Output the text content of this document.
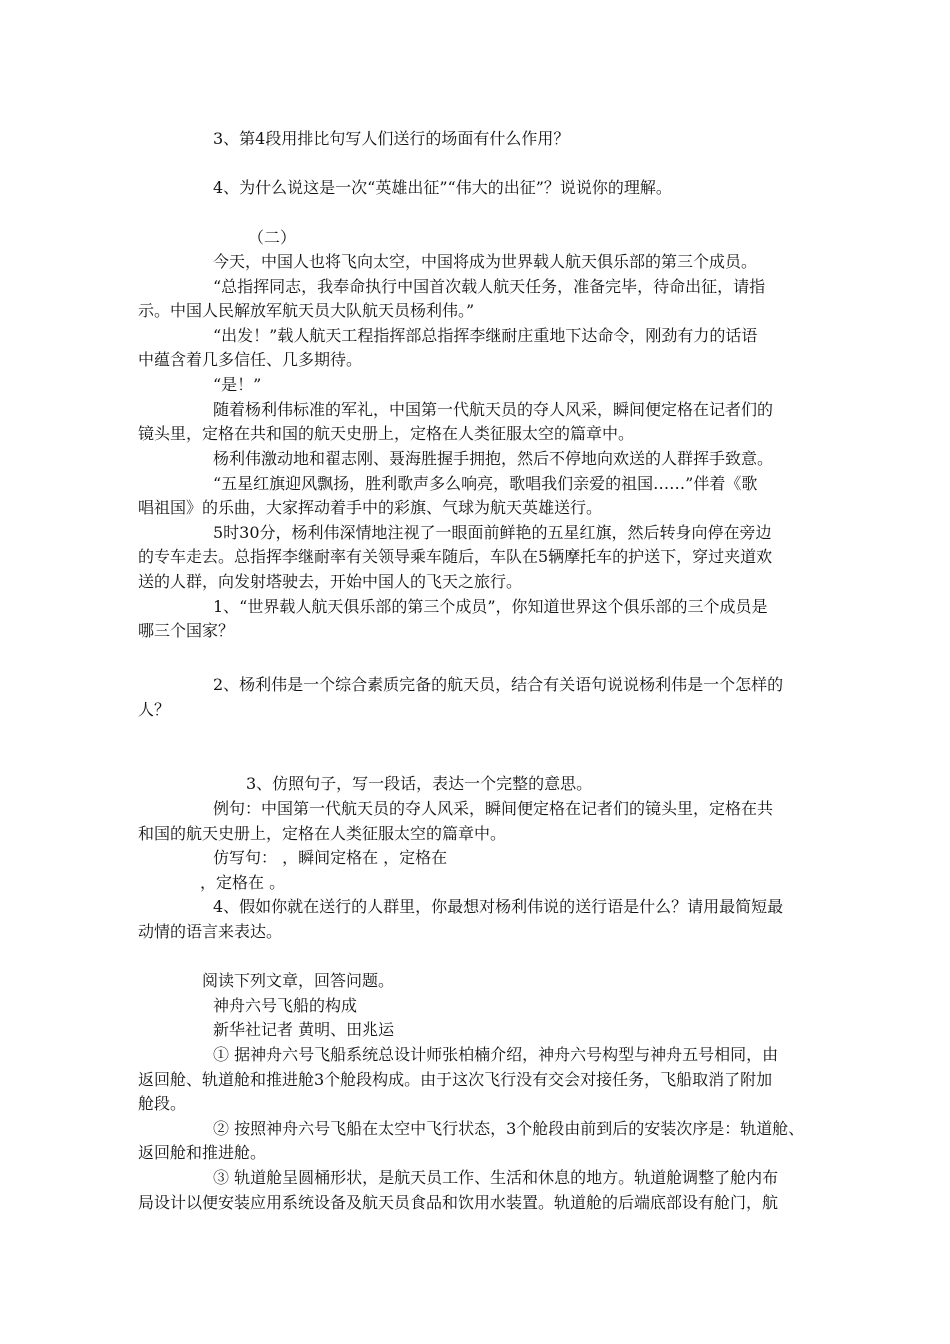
3、第4段用排比句写人们送行的场面有什么作用？
4、为什么说这是一次“英雄出征”“伟大的出征”？说说你的理解。
（二）
今天，中国人也将飞向太空，中国将成为世界载人航天俱乐部的第三个成员。
“总指挥同志，我奉命执行中国首次载人航天任务，准备完毕，待命出征，请指
示。中国人民解放军航天员大队航天员杨利伟。”
“出发！”载人航天工程指挥部总指挥李继耐庄重地下达命令，刚劲有力的话语
中蕴含着几多信任、几多期待。
“是！”
随着杨利伟标准的军礼，中国第一代航天员的夺人风采，瞬间便定格在记者们的
镜头里，定格在共和国的航天史册上，定格在人类征服太空的篇章中。
杨利伟激动地和翟志刚、聂海胜握手拥抱，然后不停地向欢送的人群挥手致意。
“五星红旗迎风飘扬，胜利歌声多么响亮，歌唱我们亲爱的祖国……”伴着《歌
唱祖国》的乐曲，大家挥动着手中的彩旗、气球为航天英雄送行。
5时30分，杨利伟深情地注视了一眼面前鲜艳的五星红旗，然后转身向停在旁边
的专车走去。总指挥李继耐率有关领导乘车随后，车队在5辆摩托车的护送下，穿过夹道欢
送的人群，向发射塔驶去，开始中国人的飞天之旅行。
1、“世界载人航天俱乐部的第三个成员”，你知道世界这个俱乐部的三个成员是
哪三个国家？
2、杨利伟是一个综合素质完备的航天员，结合有关语句说说杨利伟是一个怎样的
人？
3、仿照句子，写一段话，表达一个完整的意思。
例句：中国第一代航天员的夺人风采，瞬间便定格在记者们的镜头里，定格在共
和国的航天史册上，定格在人类征服太空的篇章中。
仿写句： ，瞬间定格在 ，定格在
，定格在 。
4、假如你就在送行的人群里，你最想对杨利伟说的送行语是什么？请用最简短最
动情的语言来表达。
阅读下列文章，回答问题。
神舟六号飞船的构成
新华社记者 黄明、田兆运
① 据神舟六号飞船系统总设计师张柏楠介绍，神舟六号构型与神舟五号相同，由
返回舱、轨道舱和推进舱3个舱段构成。由于这次飞行没有交会对接任务，飞船取消了附加
舱段。
② 按照神舟六号飞船在太空中飞行状态，3个舱段由前到后的安装次序是：轨道舱、
返回舱和推进舱。
③ 轨道舱呈圆桶形状，是航天员工作、生活和休息的地方。轨道舱调整了舱内布
局设计以便安装应用系统设备及航天员食品和饮用水装置。轨道舱的后端底部设有舱门，航
